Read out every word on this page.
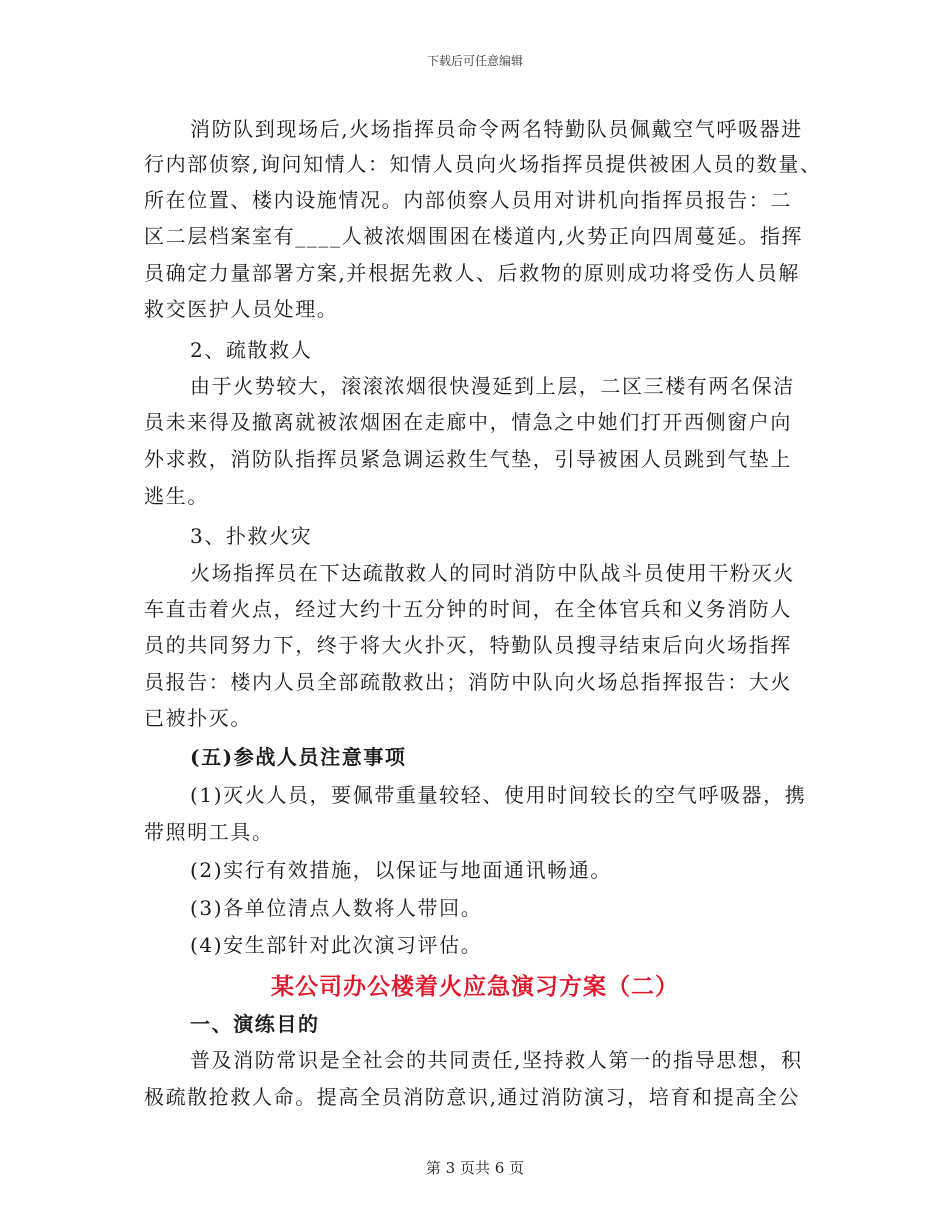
下载后可任意编辑
消防队到现场后,火场指挥员命令两名特勤队员佩戴空气呼吸器进
行内部侦察,询问知情人：知情人员向火场指挥员提供被困人员的数量、
所在位置、楼内设施情况。内部侦察人员用对讲机向指挥员报告：二
区二层档案室有____人被浓烟围困在楼道内,火势正向四周蔓延。指挥
员确定力量部署方案,并根据先救人、后救物的原则成功将受伤人员解
救交医护人员处理。
2、疏散救人
由于火势较大，滚滚浓烟很快漫延到上层，二区三楼有两名保洁
员未来得及撤离就被浓烟困在走廊中，情急之中她们打开西侧窗户向
外求救，消防队指挥员紧急调运救生气垫，引导被困人员跳到气垫上
逃生。
3、扑救火灾
火场指挥员在下达疏散救人的同时消防中队战斗员使用干粉灭火
车直击着火点，经过大约十五分钟的时间，在全体官兵和义务消防人
员的共同努力下，终于将大火扑灭，特勤队员搜寻结束后向火场指挥
员报告：楼内人员全部疏散救出；消防中队向火场总指挥报告：大火
已被扑灭。
(五)参战人员注意事项
(1)灭火人员，要佩带重量较轻、使用时间较长的空气呼吸器，携
带照明工具。
(2)实行有效措施，以保证与地面通讯畅通。
(3)各单位清点人数将人带回。
(4)安生部针对此次演习评估。
某公司办公楼着火应急演习方案（二）
一、演练目的
普及消防常识是全社会的共同责任,坚持救人第一的指导思想，积
极疏散抢救人命。提高全员消防意识,通过消防演习，培育和提高全公
第 3 页共 6 页
